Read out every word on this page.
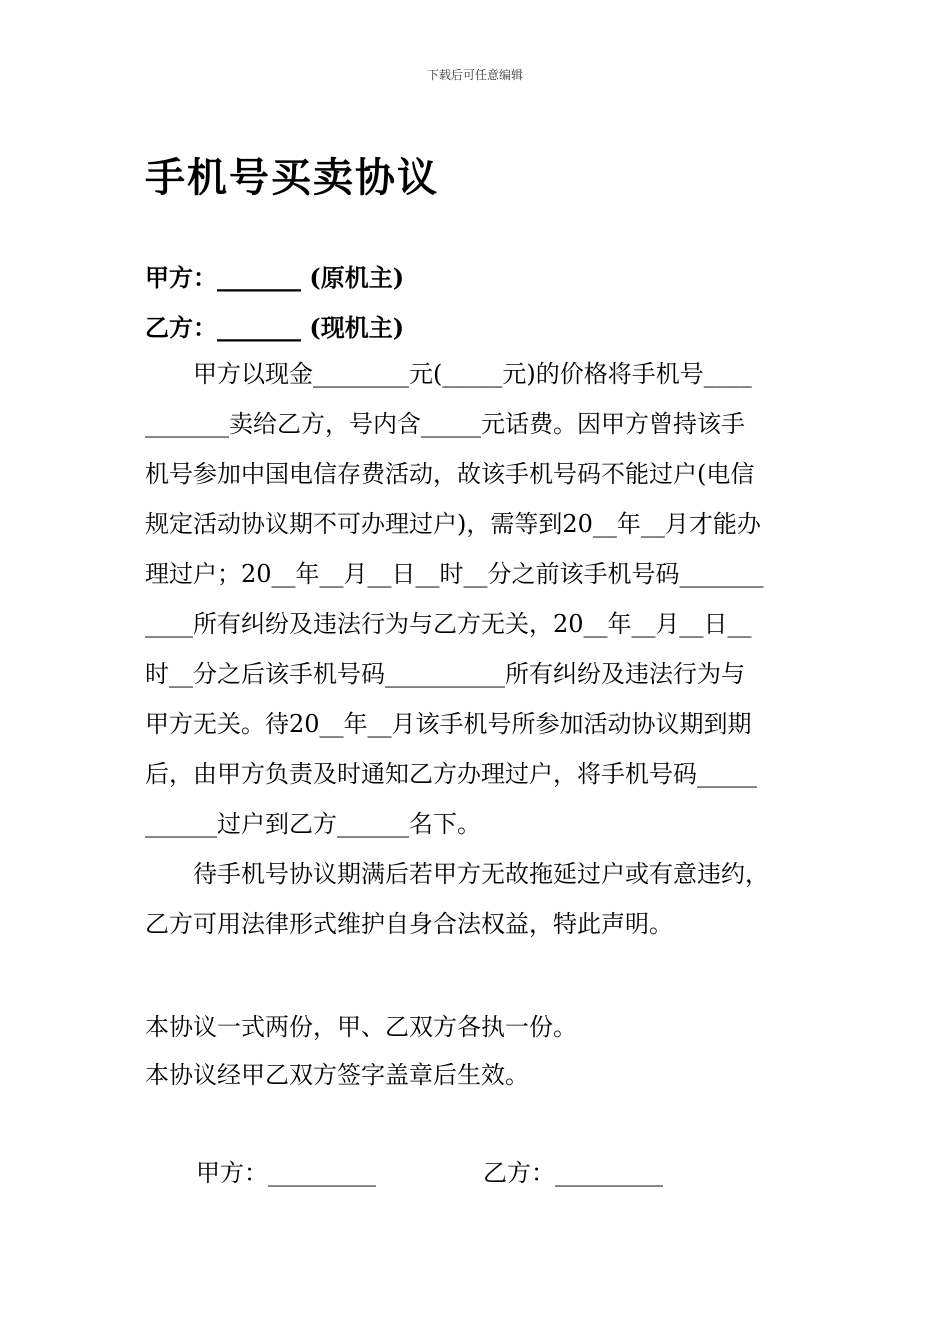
下载后可任意编辑
手机号买卖协议
甲方：_______ (原机主)
乙方：_______ (现机主)
　　甲方以现金________元(_____元)的价格将手机号____
_______卖给乙方，号内含_____元话费。因甲方曾持该手
机号参加中国电信存费活动，故该手机号码不能过户(电信
规定活动协议期不可办理过户)，需等到20__年__月才能办
理过户；20__年__月__日__时__分之前该手机号码_______
____所有纠纷及违法行为与乙方无关，20__年__月__日__
时__分之后该手机号码__________所有纠纷及违法行为与
甲方无关。待20__年__月该手机号所参加活动协议期到期
后，由甲方负责及时通知乙方办理过户，将手机号码_____
______过户到乙方______名下。
　　待手机号协议期满后若甲方无故拖延过户或有意违约，
乙方可用法律形式维护自身合法权益，特此声明。
本协议一式两份，甲、乙双方各执一份。
本协议经甲乙双方签字盖章后生效。
甲方：_________	乙方：_________
